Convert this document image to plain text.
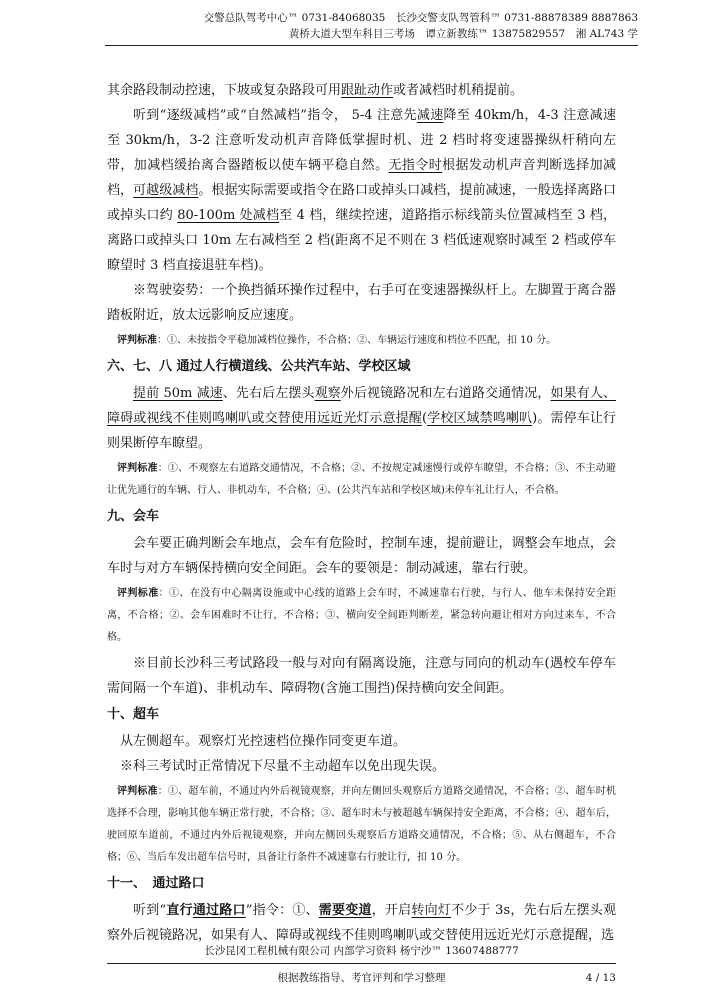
交警总队驾考中心™ 0731-84068035　长沙交警支队驾管科™ 0731-88878389 8887863
黄桥大道大型车科目三考场　谭立新教练™ 13875829557　湘 AL743 学

其余路段制动控速，下坡或复杂路段可用跟趾动作或者减档时机稍提前。

听到“逐级减档”或“自然减档”指令， 5-4 注意先减速降至 40km/h，4-3 注意减速至 30km/h，3-2 注意听发动机声音降低掌握时机、进 2 档时将变速器操纵杆稍向左带，加减档缓抬离合器踏板以使车辆平稳自然。无指令时根据发动机声音判断选择加减档，可越级减档。根据实际需要或指令在路口或掉头口减档，提前减速，一般选择离路口或掉头口约 80-100m 处减档至 4 档，继续控速，道路指示标线箭头位置减档至 3 档，离路口或掉头口 10m 左右减档至 2 档(距离不足不则在 3 档低速观察时减至 2 档或停车瞭望时 3 档直接退驻车档)。

※驾驶姿势：一个换挡循环操作过程中，右手可在变速器操纵杆上。左脚置于离合器踏板附近，放太远影响反应速度。

评判标准：①、未按指令平稳加减档位操作，不合格；②、车辆运行速度和档位不匹配，扣 10 分。

六、七、八 通过人行横道线、公共汽车站、学校区域

提前 50m 减速、先右后左摆头观察外后视镜路况和左右道路交通情况，如果有人、障碍或视线不佳则鸣喇叭或交替使用远近光灯示意提醒(学校区域禁鸣喇叭)。需停车让行则果断停车瞭望。

评判标准：①、不观察左右道路交通情况，不合格；②、不按规定减速慢行或停车瞭望，不合格；③、不主动避让优先通行的车辆、行人、非机动车，不合格；④、(公共汽车站和学校区域)未停车礼让行人，不合格。

九、会车

会车要正确判断会车地点，会车有危险时，控制车速，提前避让，调整会车地点，会车时与对方车辆保持横向安全间距。会车的要领是：制动减速，靠右行驶。

评判标准：①、在没有中心隔离设施或中心线的道路上会车时，不减速靠右行驶，与行人、他车未保持安全距离，不合格；②、会车困难时不让行，不合格；③、横向安全间距判断差，紧急转向避让相对方向过来车，不合格。

※目前长沙科三考试路段一般与对向有隔离设施，注意与同向的机动车(遇校车停车需间隔一个车道)、非机动车、障碍物(含施工围挡)保持横向安全间距。

十、超车

从左侧超车。观察灯光控速档位操作同变更车道。

※科三考试时正常情况下尽量不主动超车以免出现失误。

评判标准：①、超车前，不通过内外后视镜观察，并向左侧回头观察后方道路交通情况，不合格；②、超车时机选择不合理，影响其他车辆正常行驶，不合格；③、超车时未与被超越车辆保持安全距离，不合格；④、超车后，驶回原车道前，不通过内外后视镜观察，并向左侧回头观察后方道路交通情况，不合格；⑤、从右侧超车，不合格；⑥、当后车发出超车信号时，具备让行条件不减速靠右行驶让行，扣 10 分。

十一、　通过路口

听到“直行通过路口”指令：①、需要变道，开启转向灯不少于 3s，先右后左摆头观察外后视镜路况，如果有人、障碍或视线不佳则鸣喇叭或交替使用远近光灯示意提醒，选

长沙昆冈工程机械有限公司 内部学习资料 杨宁沙™ 13607488777
根据教练指导、考官评判和学习整理	4 / 13
